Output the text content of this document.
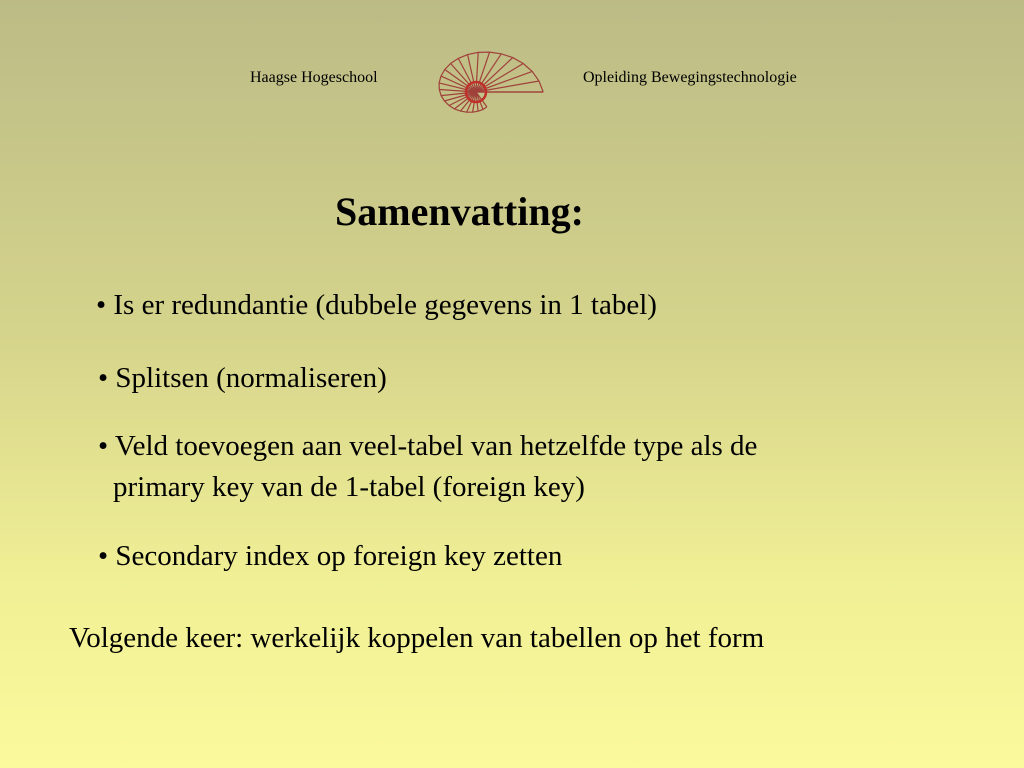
Haagse Hogeschool	Opleiding Bewegingstechnologie
Samenvatting:
• Is er redundantie (dubbele gegevens in 1 tabel)
• Splitsen (normaliseren)
• Veld toevoegen aan veel-tabel van hetzelfde type als de
primary key van de 1-tabel (foreign key)
• Secondary index op foreign key zetten
Volgende keer: werkelijk koppelen van tabellen op het form
